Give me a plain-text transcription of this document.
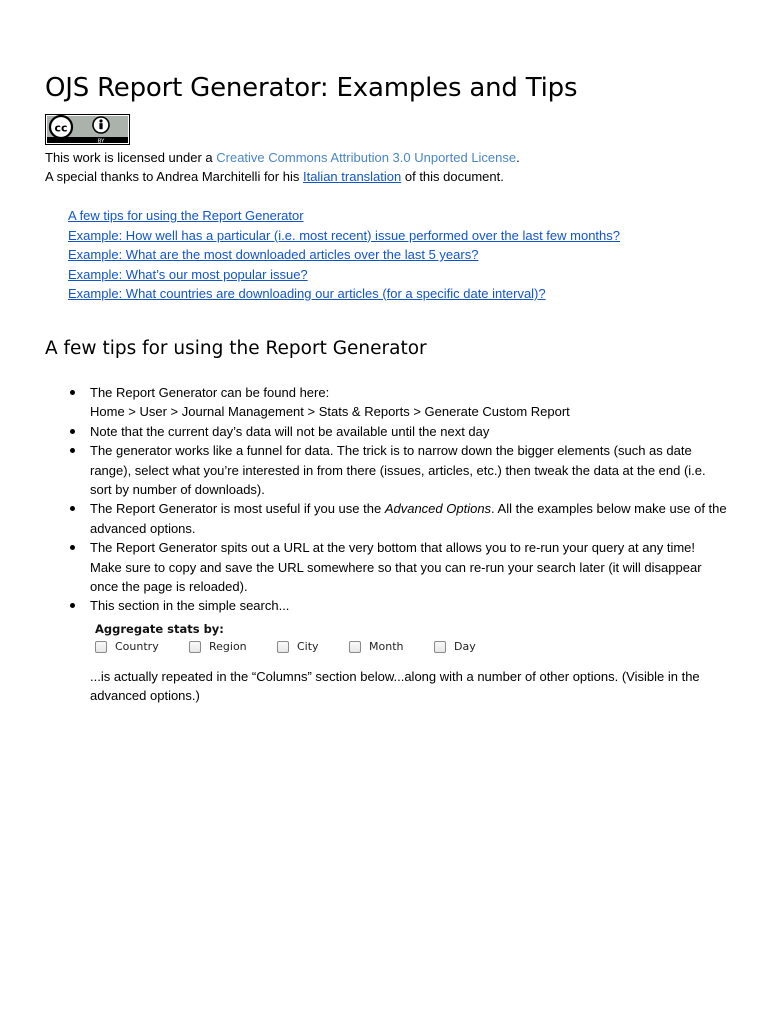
OJS Report Generator: Examples and Tips
cc
BY

This work is licensed under a Creative Commons Attribution 3.0 Unported License.

A special thanks to Andrea Marchitelli for his Italian translation of this document.

A few tips for using the Report Generator
Example: How well has a particular (i.e. most recent) issue performed over the last few months?
Example: What are the most downloaded articles over the last 5 years?
Example: What’s our most popular issue?
Example: What countries are downloading our articles (for a specific date interval)?
A few tips for using the Report Generator
The Report Generator can be found here:
Home > User > Journal Management > Stats & Reports > Generate Custom Report
Note that the current day’s data will not be available until the next day
The generator works like a funnel for data. The trick is to narrow down the bigger elements (such as date range), select what you’re interested in from there (issues, articles, etc.) then tweak the data at the end (i.e. sort by number of downloads).
The Report Generator is most useful if you use the Advanced Options. All the examples below make use of the advanced options.
The Report Generator spits out a URL at the very bottom that allows you to re-run your query at any time! Make sure to copy and save the URL somewhere so that you can re-run your search later (it will disappear once the page is reloaded).
This section in the simple search...
Aggregate stats by:
Country	Region	City	Month	Day

...is actually repeated in the “Columns” section below...along with a number of other options. (Visible in the advanced options.)
